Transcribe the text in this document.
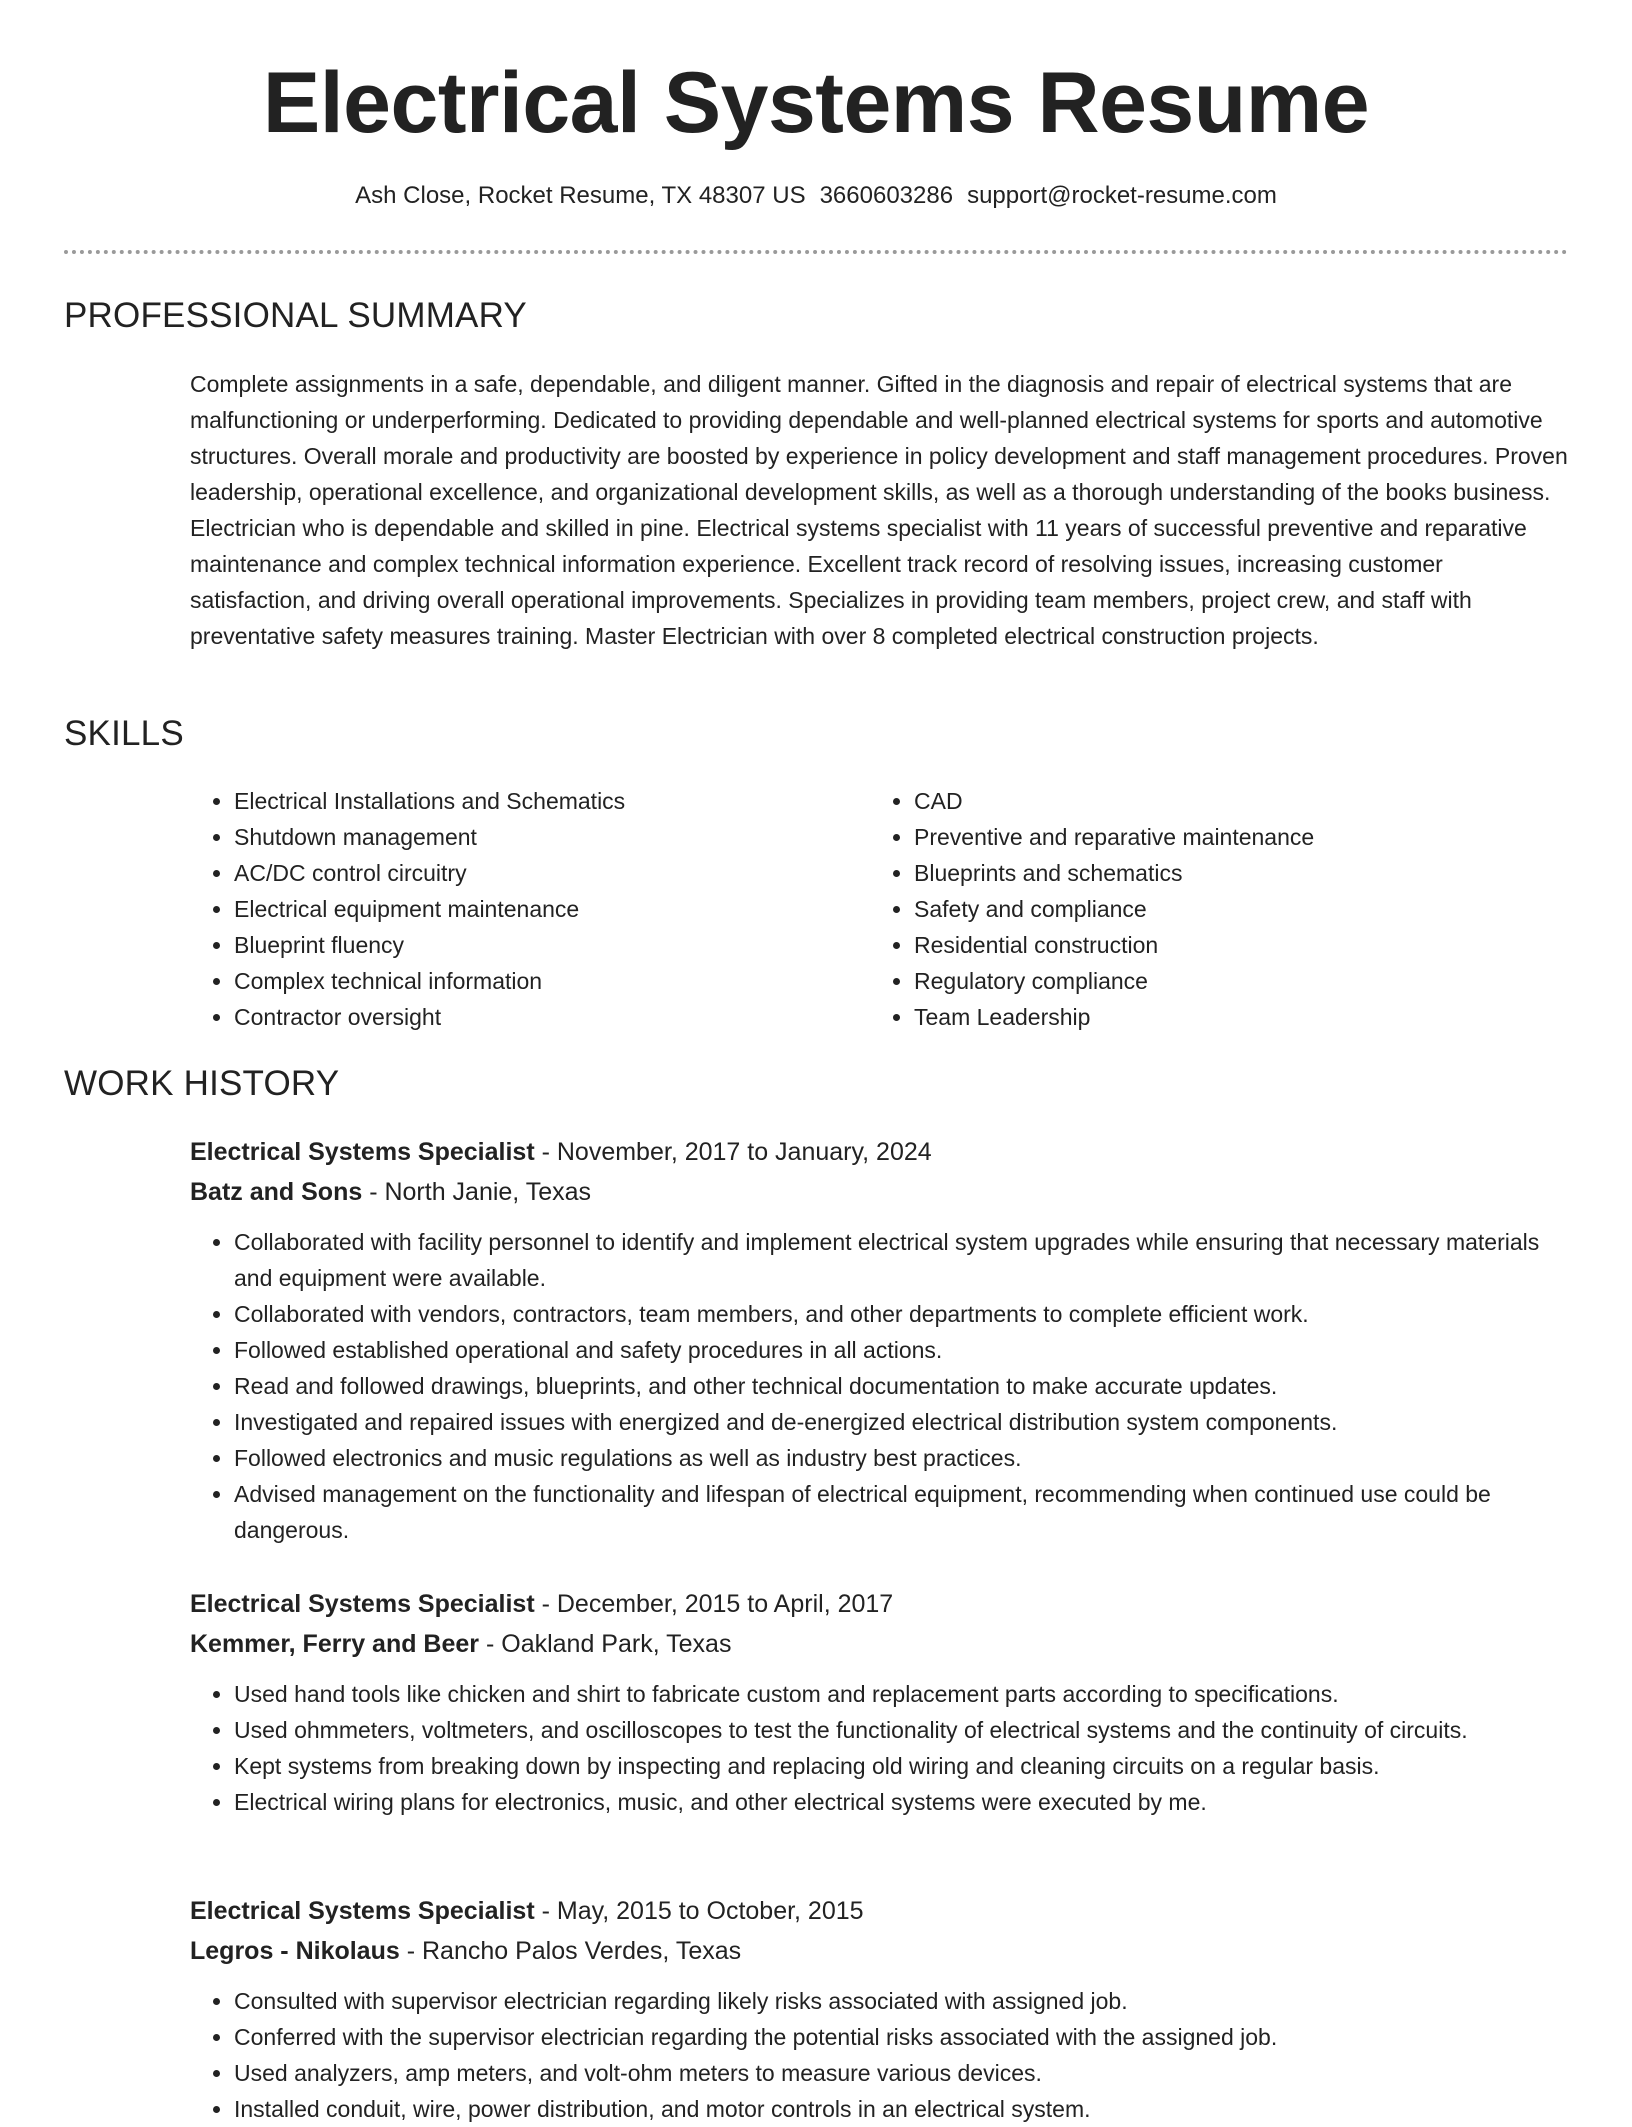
Electrical Systems Resume
Ash Close, Rocket Resume, TX 48307 US 3660603286 support@rocket-resume.com
PROFESSIONAL SUMMARY

Complete assignments in a safe, dependable, and diligent manner. Gifted in the diagnosis and repair of electrical systems that are malfunctioning or underperforming. Dedicated to providing dependable and well-planned electrical systems for sports and automotive structures. Overall morale and productivity are boosted by experience in policy development and staff management procedures. Proven leadership, operational excellence, and organizational development skills, as well as a thorough understanding of the books business. Electrician who is dependable and skilled in pine. Electrical systems specialist with 11 years of successful preventive and reparative maintenance and complex technical information experience. Excellent track record of resolving issues, increasing customer satisfaction, and driving overall operational improvements. Specializes in providing team members, project crew, and staff with preventative safety measures training. Master Electrician with over 8 completed electrical construction projects.

SKILLS
• Electrical Installations and Schematics
• Shutdown management
• AC/DC control circuitry
• Electrical equipment maintenance
• Blueprint fluency
• Complex technical information
• Contractor oversight
• CAD
• Preventive and reparative maintenance
• Blueprints and schematics
• Safety and compliance
• Residential construction
• Regulatory compliance
• Team Leadership
WORK HISTORY
Electrical Systems Specialist - November, 2017 to January, 2024
Batz and Sons - North Janie, Texas
• Collaborated with facility personnel to identify and implement electrical system upgrades while ensuring that necessary materials and equipment were available.
• Collaborated with vendors, contractors, team members, and other departments to complete efficient work.
• Followed established operational and safety procedures in all actions.
• Read and followed drawings, blueprints, and other technical documentation to make accurate updates.
• Investigated and repaired issues with energized and de-energized electrical distribution system components.
• Followed electronics and music regulations as well as industry best practices.
• Advised management on the functionality and lifespan of electrical equipment, recommending when continued use could be dangerous.
Electrical Systems Specialist - December, 2015 to April, 2017
Kemmer, Ferry and Beer - Oakland Park, Texas
• Used hand tools like chicken and shirt to fabricate custom and replacement parts according to specifications.
• Used ohmmeters, voltmeters, and oscilloscopes to test the functionality of electrical systems and the continuity of circuits.
• Kept systems from breaking down by inspecting and replacing old wiring and cleaning circuits on a regular basis.
• Electrical wiring plans for electronics, music, and other electrical systems were executed by me.
Electrical Systems Specialist - May, 2015 to October, 2015
Legros - Nikolaus - Rancho Palos Verdes, Texas
• Consulted with supervisor electrician regarding likely risks associated with assigned job.
• Conferred with the supervisor electrician regarding the potential risks associated with the assigned job.
• Used analyzers, amp meters, and volt-ohm meters to measure various devices.
• Installed conduit, wire, power distribution, and motor controls in an electrical system.
